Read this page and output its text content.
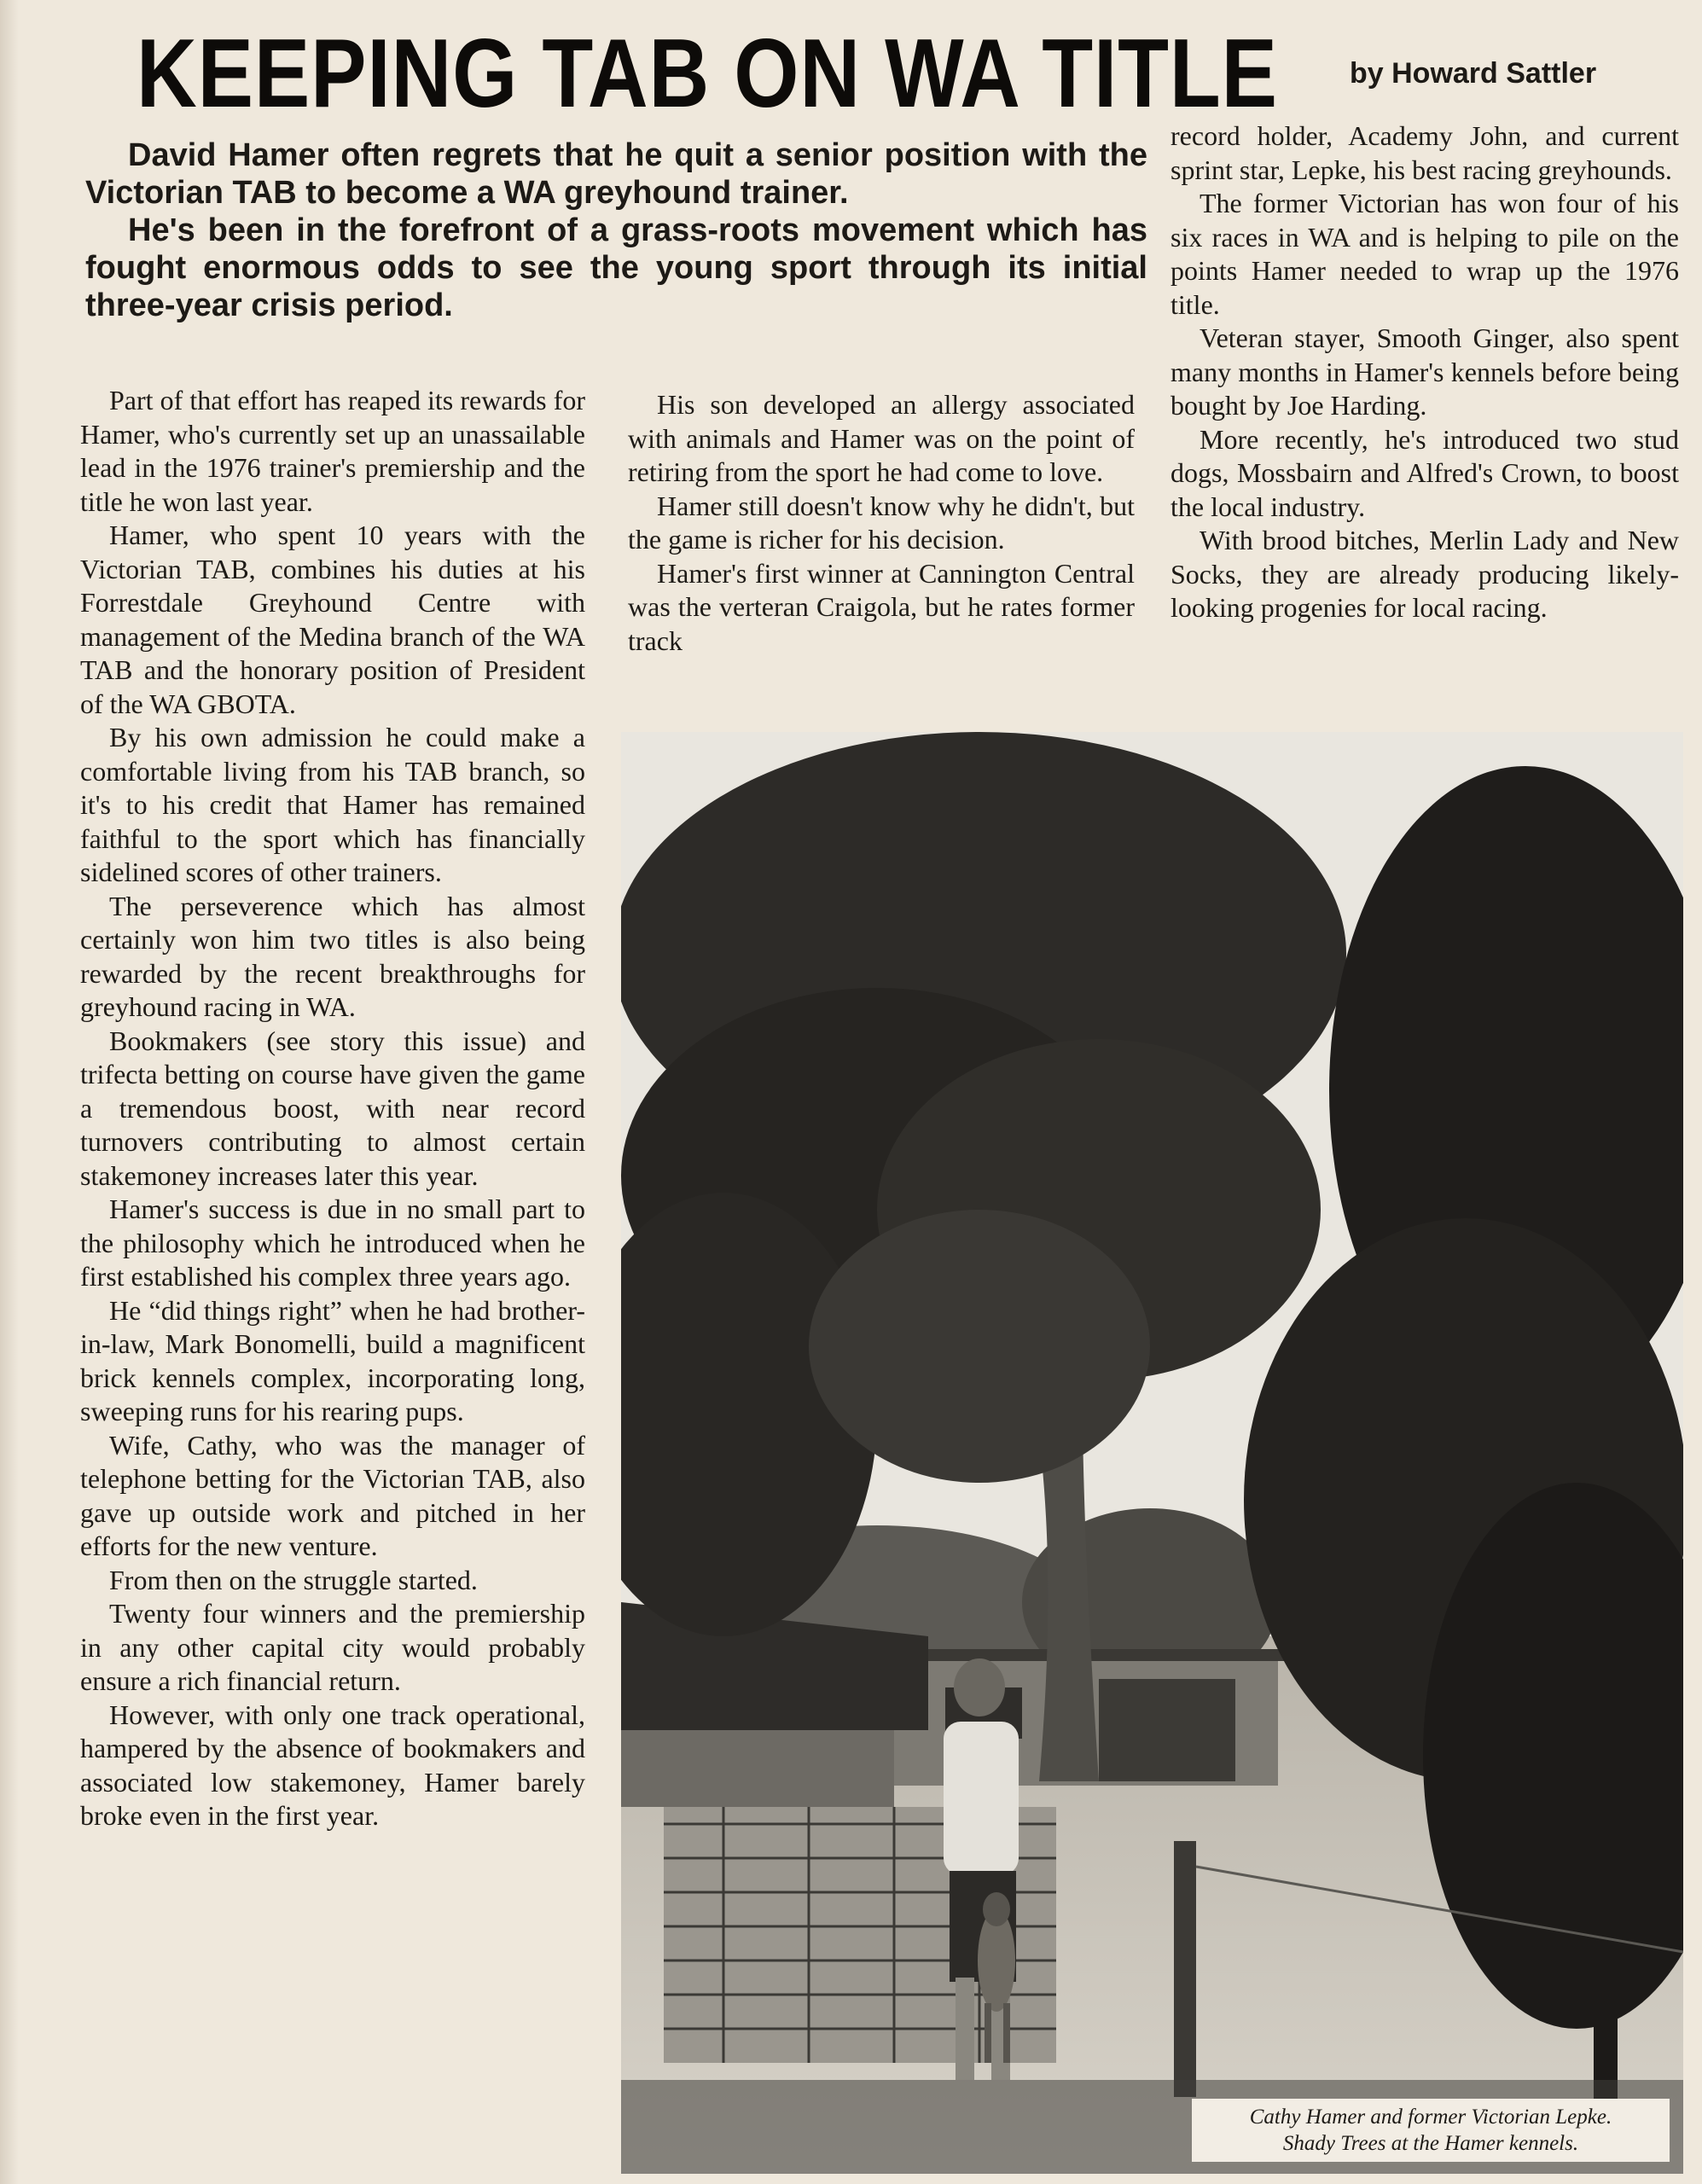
KEEPING TAB ON WA TITLE by Howard Sattler

David Hamer often regrets that he quit a senior position with the Victorian TAB to become a WA greyhound trainer.

He's been in the forefront of a grass-roots movement which has fought enormous odds to see the young sport through its initial three-year crisis period.

Part of that effort has reaped its rewards for Hamer, who's currently set up an unassailable lead in the 1976 trainer's premiership and the title he won last year.

Hamer, who spent 10 years with the Victorian TAB, combines his duties at his Forrestdale Greyhound Centre with management of the Medina branch of the WA TAB and the honorary position of President of the WA GBOTA.

By his own admission he could make a comfortable living from his TAB branch, so it's to his credit that Hamer has remained faithful to the sport which has financially sidelined scores of other trainers.

The perseverence which has almost certainly won him two titles is also being rewarded by the recent breakthroughs for greyhound racing in WA.

Bookmakers (see story this issue) and trifecta betting on course have given the game a tremendous boost, with near record turnovers contributing to almost certain stakemoney increases later this year.

Hamer's success is due in no small part to the philosophy which he introduced when he first established his complex three years ago.

He “did things right” when he had brother-in-law, Mark Bonomelli, build a magnificent brick kennels complex, incorporating long, sweeping runs for his rearing pups.

Wife, Cathy, who was the manager of telephone betting for the Victorian TAB, also gave up outside work and pitched in her efforts for the new venture.

From then on the struggle started.

Twenty four winners and the premiership in any other capital city would probably ensure a rich financial return.

However, with only one track operational, hampered by the absence of bookmakers and associated low stakemoney, Hamer barely broke even in the first year.

His son developed an allergy associated with animals and Hamer was on the point of retiring from the sport he had come to love.

Hamer still doesn't know why he didn't, but the game is richer for his decision.

Hamer's first winner at Cannington Central was the verteran Craigola, but he rates former track

record holder, Academy John, and current sprint star, Lepke, his best racing greyhounds.

The former Victorian has won four of his six races in WA and is helping to pile on the points Hamer needed to wrap up the 1976 title.

Veteran stayer, Smooth Ginger, also spent many months in Hamer's kennels before being bought by Joe Harding.

More recently, he's introduced two stud dogs, Mossbairn and Alfred's Crown, to boost the local industry.

With brood bitches, Merlin Lady and New Socks, they are already producing likely-looking progenies for local racing.

Cathy Hamer and former Victorian Lepke.
Shady Trees at the Hamer kennels.
